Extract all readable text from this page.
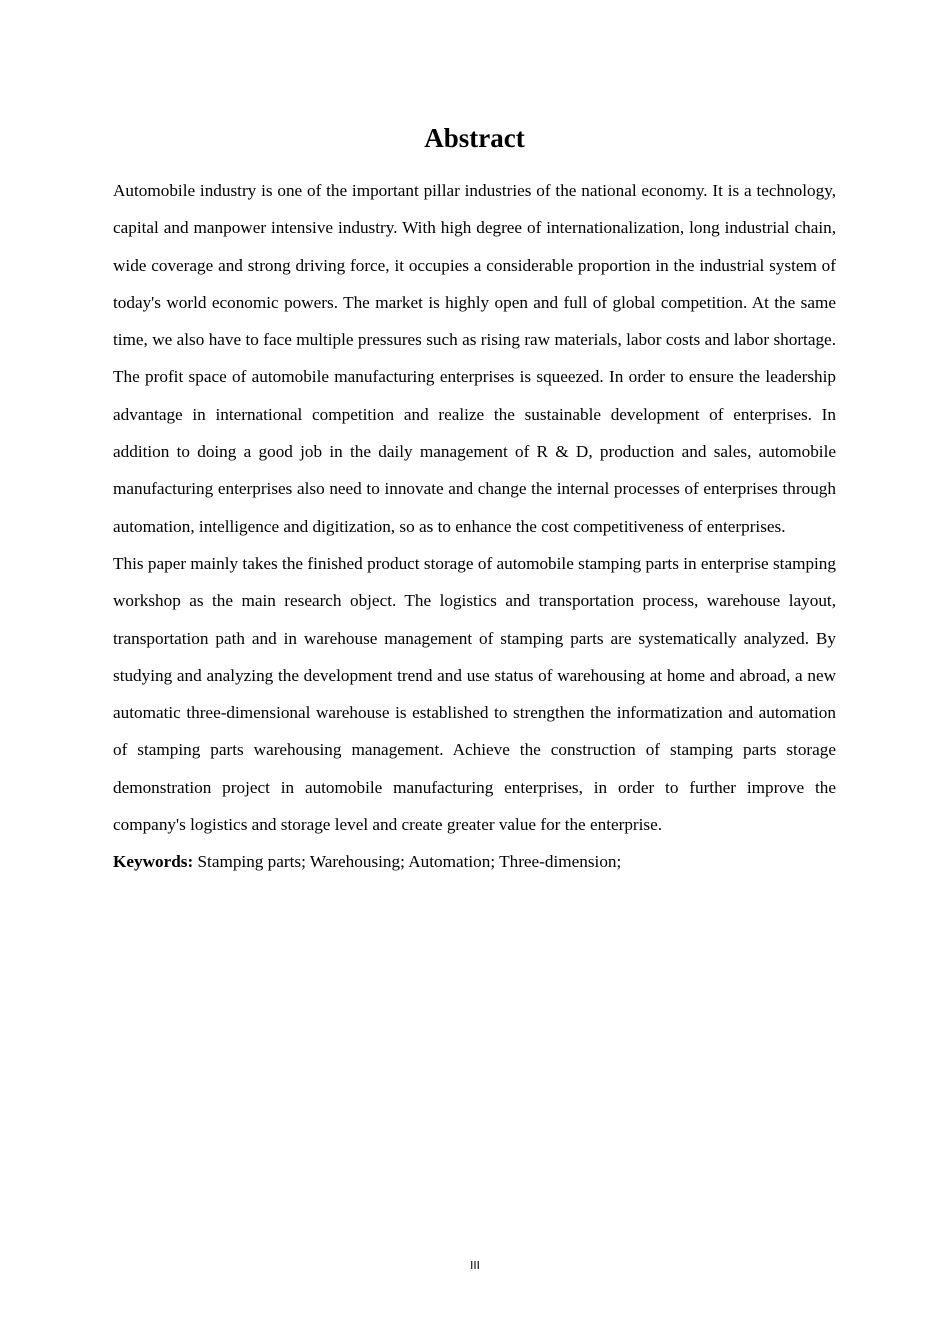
Abstract

Automobile industry is one of the important pillar industries of the national economy. It is a technology, capital and manpower intensive industry. With high degree of internationalization, long industrial chain, wide coverage and strong driving force, it occupies a considerable proportion in the industrial system of today's world economic powers. The market is highly open and full of global competition. At the same time, we also have to face multiple pressures such as rising raw materials, labor costs and labor shortage. The profit space of automobile manufacturing enterprises is squeezed. In order to ensure the leadership advantage in international competition and realize the sustainable development of enterprises. In addition to doing a good job in the daily management of R & D, production and sales, automobile manufacturing enterprises also need to innovate and change the internal processes of enterprises through automation, intelligence and digitization, so as to enhance the cost competitiveness of enterprises.

This paper mainly takes the finished product storage of automobile stamping parts in enterprise stamping workshop as the main research object. The logistics and transportation process, warehouse layout, transportation path and in warehouse management of stamping parts are systematically analyzed. By studying and analyzing the development trend and use status of warehousing at home and abroad, a new automatic three-dimensional warehouse is established to strengthen the informatization and automation of stamping parts warehousing management. Achieve the construction of stamping parts storage demonstration project in automobile manufacturing enterprises, in order to further improve the company's logistics and storage level and create greater value for the enterprise.

Keywords: Stamping parts; Warehousing; Automation; Three-dimension;

III
